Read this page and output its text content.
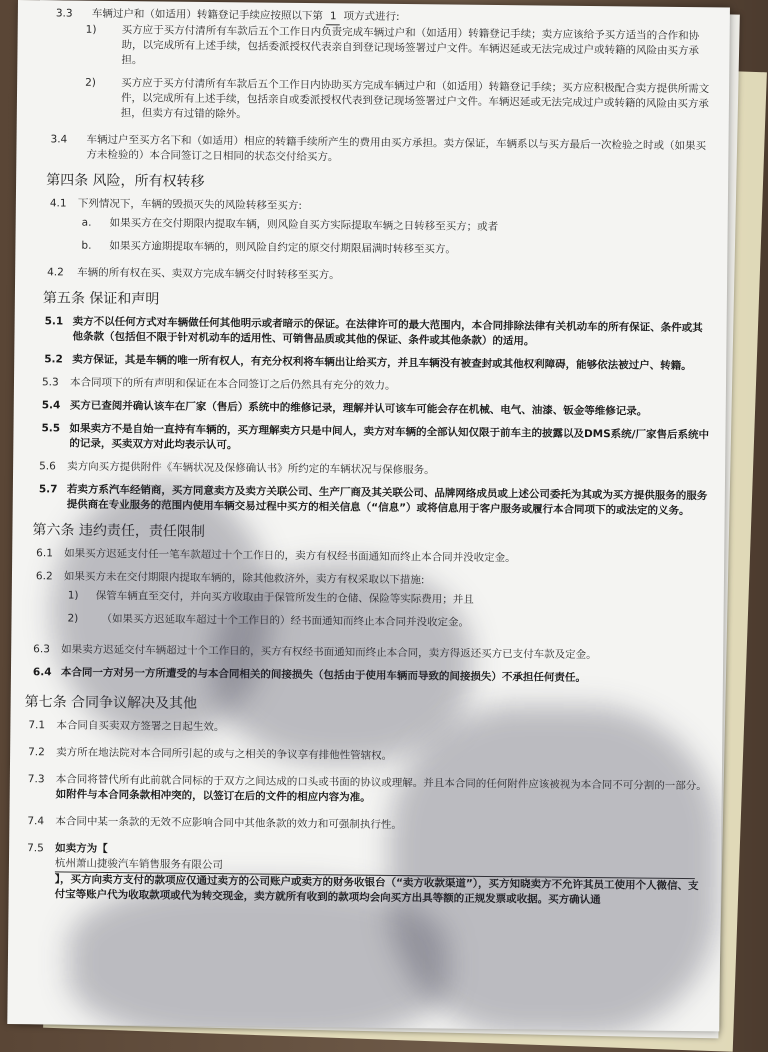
3.3	车辆过户和（如适用）转籍登记手续应按照以下第 1 项方式进行:

1)	买方应于买方付清所有车款后五个工作日内负责完成车辆过户和（如适用）转籍登记手续；卖方应该给予买方适当的合作和协助，以完成所有上述手续，包括委派授权代表亲自到登记现场签署过户文件。车辆迟延或无法完成过户或转籍的风险由买方承担。

2)	买方应于买方付清所有车款后五个工作日内协助买方完成车辆过户和（如适用）转籍登记手续；买方应积极配合卖方提供所需文件，以完成所有上述手续，包括亲自或委派授权代表到登记现场签署过户文件。车辆迟延或无法完成过户或转籍的风险由买方承担，但卖方有过错的除外。

3.4	车辆过户至买方名下和（如适用）相应的转籍手续所产生的费用由买方承担。卖方保证，车辆系以与买方最后一次检验之时或（如果买方未检验的）本合同签订之日相同的状态交付给买方。

第四条 风险，所有权转移

4.1	下列情况下，车辆的毁损灭失的风险转移至买方:

a.	如果买方在交付期限内提取车辆，则风险自买方实际提取车辆之日转移至买方；或者

b.	如果买方逾期提取车辆的，则风险自约定的原交付期限届满时转移至买方。

4.2	车辆的所有权在买、卖双方完成车辆交付时转移至买方。

第五条 保证和声明

5.1 卖方不以任何方式对车辆做任何其他明示或者暗示的保证。在法律许可的最大范围内，本合同排除法律有关机动车的所有保证、条件或其他条款（包括但不限于针对机动车的适用性、可销售品质或其他的保证、条件或其他条款）的适用。

5.2 卖方保证，其是车辆的唯一所有权人，有充分权利将车辆出让给买方，并且车辆没有被查封或其他权利障碍，能够依法被过户、转籍。

5.3	本合同项下的所有声明和保证在本合同签订之后仍然具有充分的效力。

5.4 买方已查阅并确认该车在厂家（售后）系统中的维修记录，理解并认可该车可能会存在机械、电气、油漆、钣金等维修记录。

5.5 如果卖方不是自始一直持有车辆的，买方理解卖方只是中间人，卖方对车辆的全部认知仅限于前车主的披露以及DMS系统/厂家售后系统中的记录，买卖双方对此均表示认可。

5.6	卖方向买方提供附件《车辆状况及保修确认书》所约定的车辆状况与保修服务。

5.7 若卖方系汽车经销商，买方同意卖方及卖方关联公司、生产厂商及其关联公司、品牌网络成员或上述公司委托为其或为买方提供服务的服务提供商在专业服务的范围内使用车辆交易过程中买方的相关信息（“信息”）或将信息用于客户服务或履行本合同项下的或法定的义务。

第六条 违约责任，责任限制

6.1	如果买方迟延支付任一笔车款超过十个工作日的，卖方有权经书面通知而终止本合同并没收定金。

6.2	如果买方未在交付期限内提取车辆的，除其他救济外，卖方有权采取以下措施:

1)	保管车辆直至交付，并向买方收取由于保管所发生的仓储、保险等实际费用；并且

2)	（如果买方迟延取车超过十个工作日的）经书面通知而终止本合同并没收定金。

6.3	如果卖方迟延交付车辆超过十个工作日的，买方有权经书面通知而终止本合同，卖方得返还买方已支付车款及定金。

6.4 本合同一方对另一方所遭受的与本合同相关的间接损失（包括由于使用车辆而导致的间接损失）不承担任何责任。

第七条 合同争议解决及其他

7.1	本合同自买卖双方签署之日起生效。

7.2	卖方所在地法院对本合同所引起的或与之相关的争议享有排他性管辖权。

7.3	本合同将替代所有此前就合同标的于双方之间达成的口头或书面的协议或理解。并且本合同的任何附件应该被视为本合同不可分割的一部分。如附件与本合同条款相冲突的，以签订在后的文件的相应内容为准。

7.4	本合同中某一条款的无效不应影响合同中其他条款的效力和可强制执行性。

7.5	如卖方为【
杭州萧山捷骏汽车销售服务有限公司
】，买方向卖方支付的款项应仅通过卖方的公司账户或卖方的财务收银台（“卖方收款渠道”），买方知晓卖方不允许其员工使用个人微信、支付宝等账户代为收取款项或代为转交现金，卖方就所有收到的款项均会向买方出具等额的正规发票或收据。买方确认通
